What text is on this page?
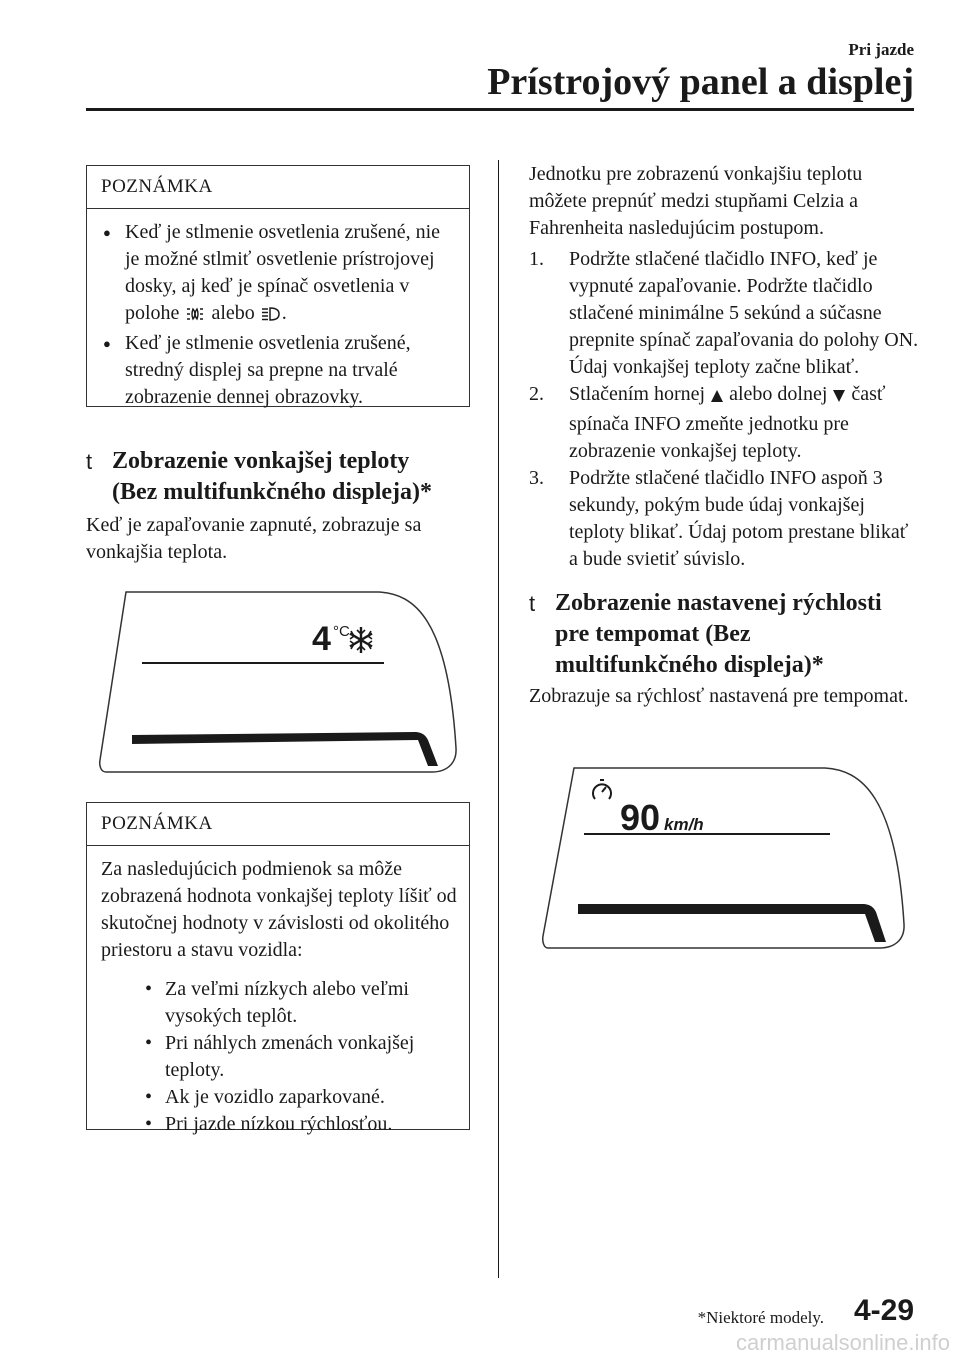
Pri jazde
Prístrojový panel a displej
POZNÁMKA
● Keď je stlmenie osvetlenia zrušené, nie je možné stlmiť osvetlenie prístrojovej dosky, aj keď je spínač osvetlenia v polohe alebo .
● Keď je stlmenie osvetlenia zrušené, stredný displej sa prepne na trvalé zobrazenie dennej obrazovky.
t Zobrazenie vonkajšej teploty
(Bez multifunkčného displeja)*
Keď je zapaľovanie zapnuté, zobrazuje sa vonkajšia teplota.
4 °C
POZNÁMKA

Za nasledujúcich podmienok sa môže zobrazená hodnota vonkajšej teploty líšiť od skutočnej hodnoty v závislosti od okolitého priestoru a stavu vozidla:

• Za veľmi nízkych alebo veľmi vysokých teplôt.
• Pri náhlych zmenách vonkajšej teploty.
• Ak je vozidlo zaparkované.
• Pri jazde nízkou rýchlosťou.
Jednotku pre zobrazenú vonkajšiu teplotu môžete prepnúť medzi stupňami Celzia a Fahrenheita nasledujúcim postupom.
1. Podržte stlačené tlačidlo INFO, keď je vypnuté zapaľovanie. Podržte tlačidlo stlačené minimálne 5 sekúnd a súčasne prepnite spínač zapaľovania do polohy ON. Údaj vonkajšej teploty začne blikať.
2. Stlačením hornej alebo dolnej časť spínača INFO zmeňte jednotku pre zobrazenie vonkajšej teploty.
3. Podržte stlačené tlačidlo INFO aspoň 3 sekundy, pokým bude údaj vonkajšej teploty blikať. Údaj potom prestane blikať a bude svietiť súvislo.
t Zobrazenie nastavenej rýchlosti
pre tempomat (Bez
multifunkčného displeja)*
Zobrazuje sa rýchlosť nastavená pre tempomat.
90 km/h
*Niektoré modely. 4-29
carmanualsonline.info
